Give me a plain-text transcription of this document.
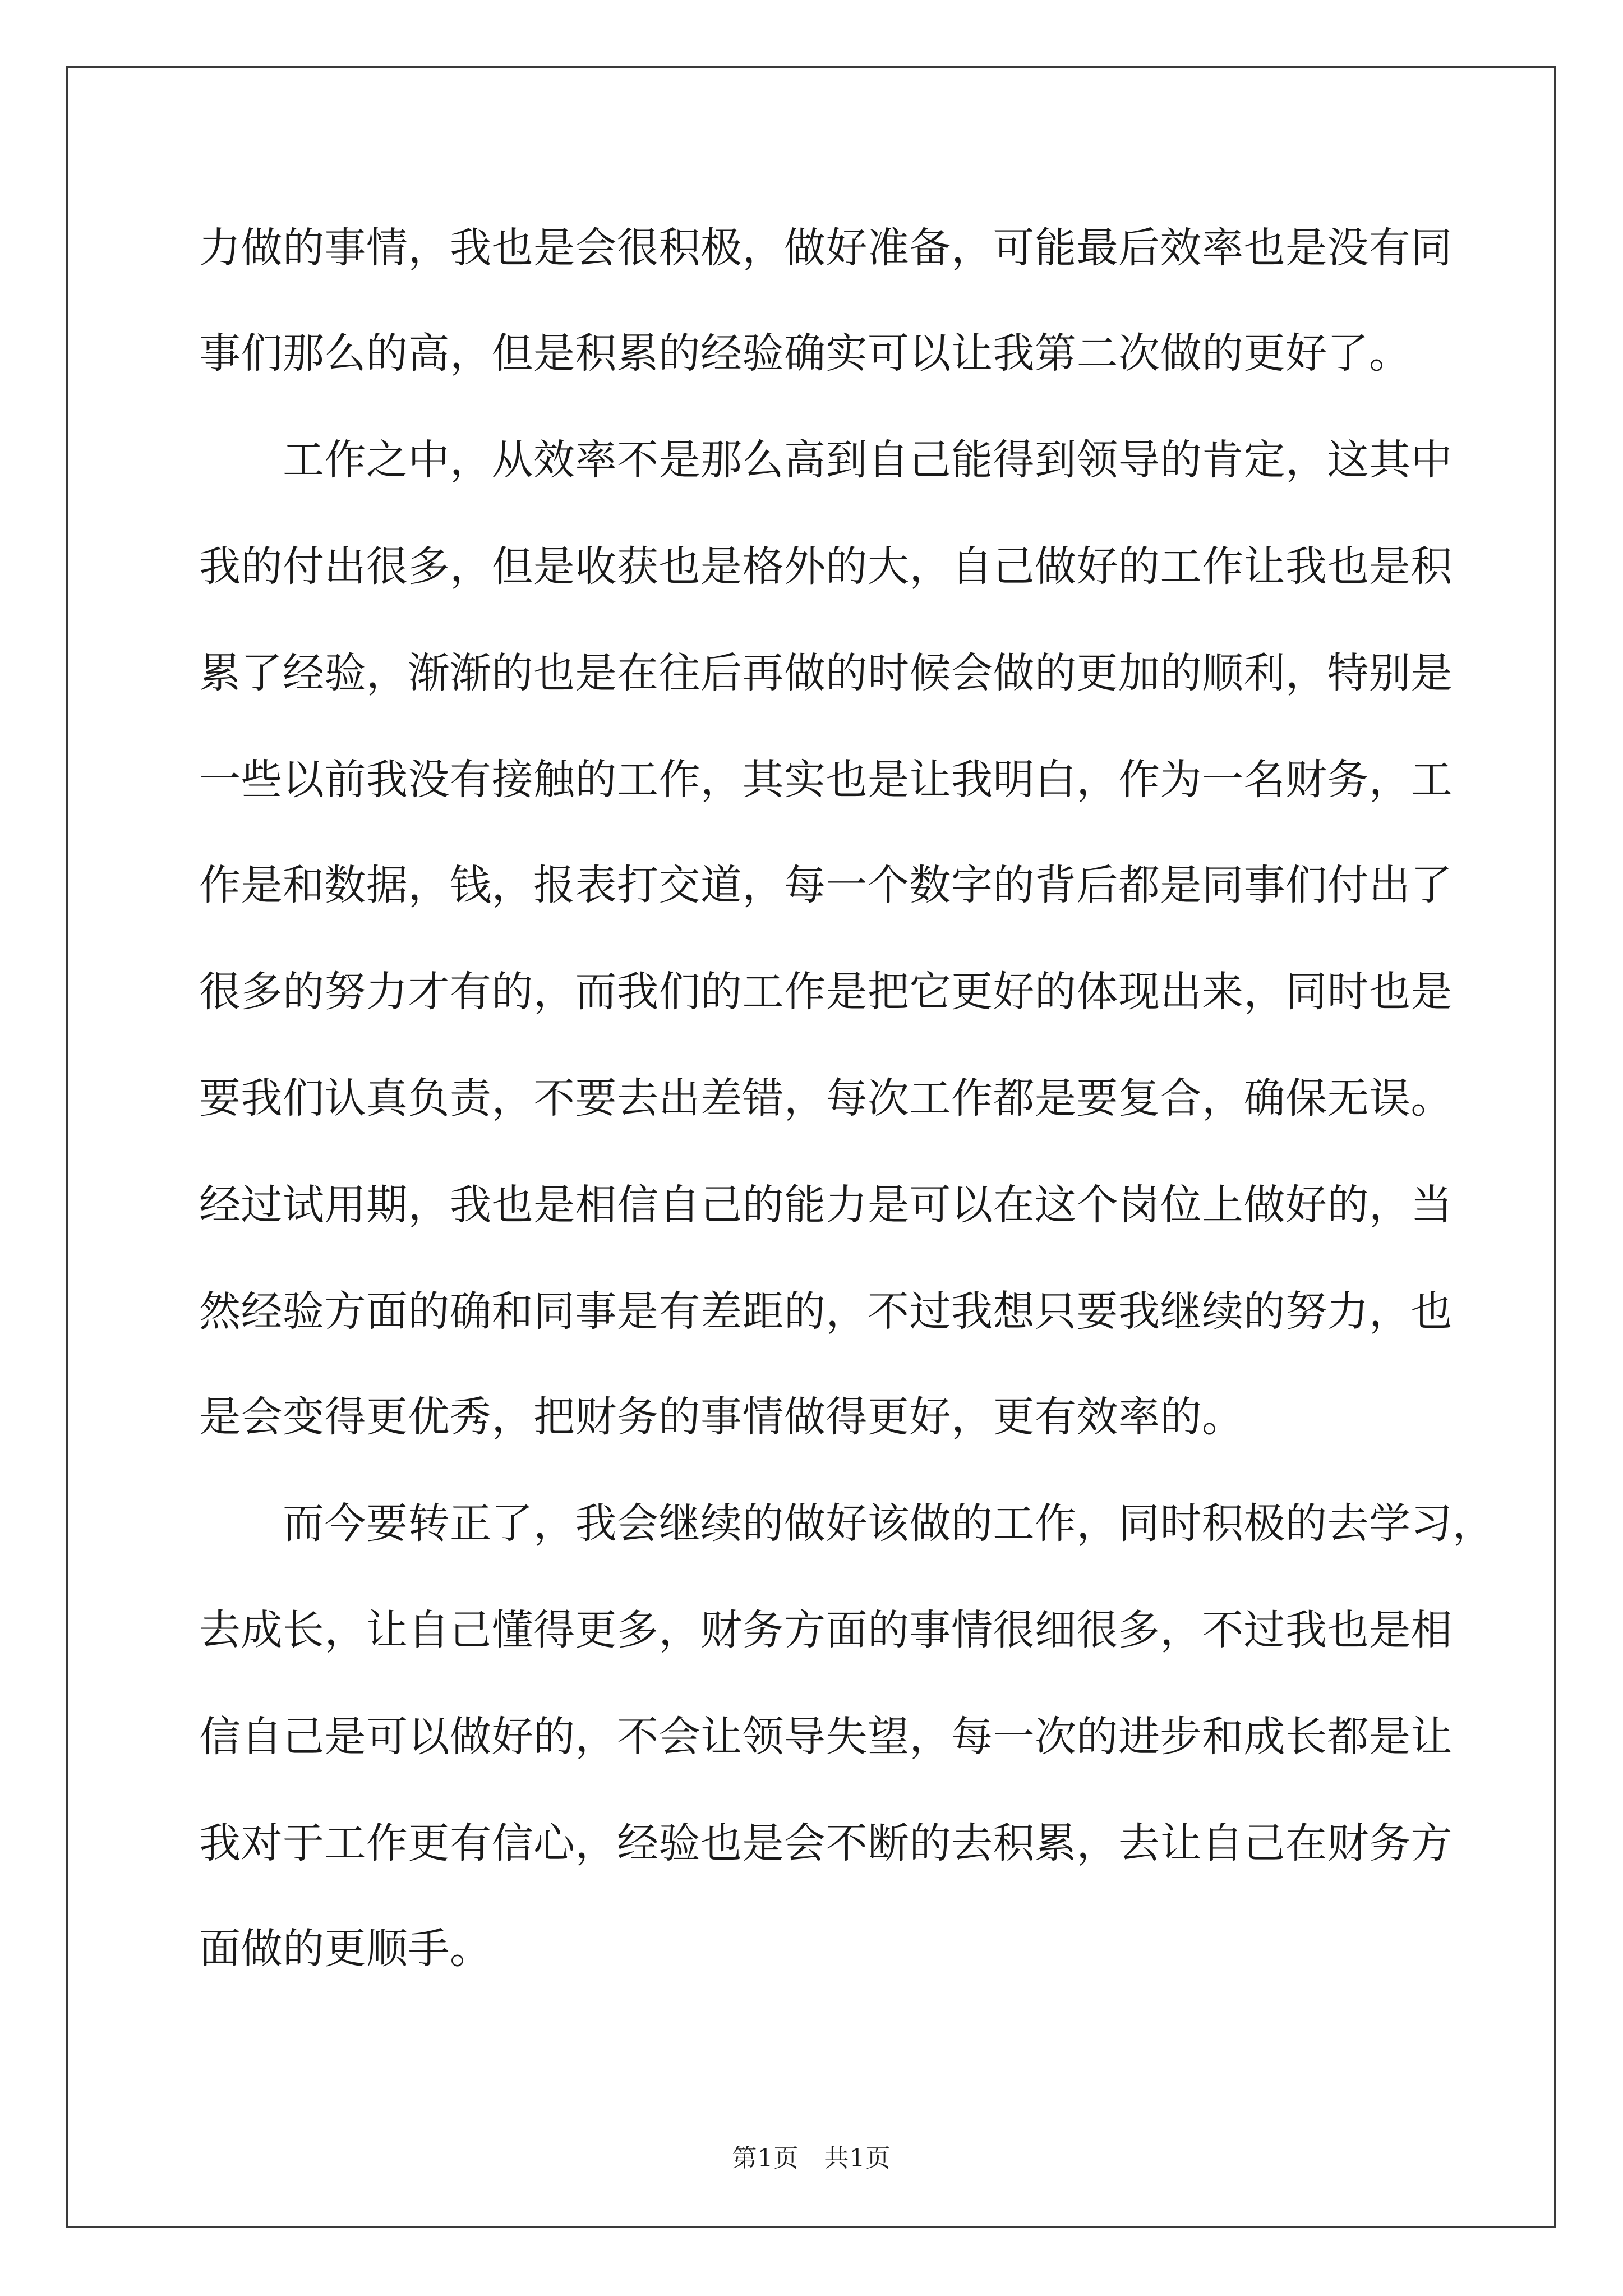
力做的事情，我也是会很积极，做好准备，可能最后效率也是没有同

事们那么的高，但是积累的经验确实可以让我第二次做的更好了。

　　工作之中，从效率不是那么高到自己能得到领导的肯定，这其中

我的付出很多，但是收获也是格外的大，自己做好的工作让我也是积

累了经验，渐渐的也是在往后再做的时候会做的更加的顺利，特别是

一些以前我没有接触的工作，其实也是让我明白，作为一名财务，工

作是和数据，钱，报表打交道，每一个数字的背后都是同事们付出了

很多的努力才有的，而我们的工作是把它更好的体现出来，同时也是

要我们认真负责，不要去出差错，每次工作都是要复合，确保无误。

经过试用期，我也是相信自己的能力是可以在这个岗位上做好的，当

然经验方面的确和同事是有差距的，不过我想只要我继续的努力，也

是会变得更优秀，把财务的事情做得更好，更有效率的。

　　而今要转正了，我会继续的做好该做的工作，同时积极的去学习，

去成长，让自己懂得更多，财务方面的事情很细很多，不过我也是相

信自己是可以做好的，不会让领导失望，每一次的进步和成长都是让

我对于工作更有信心，经验也是会不断的去积累，去让自己在财务方

面做的更顺手。

第1页　共1页
